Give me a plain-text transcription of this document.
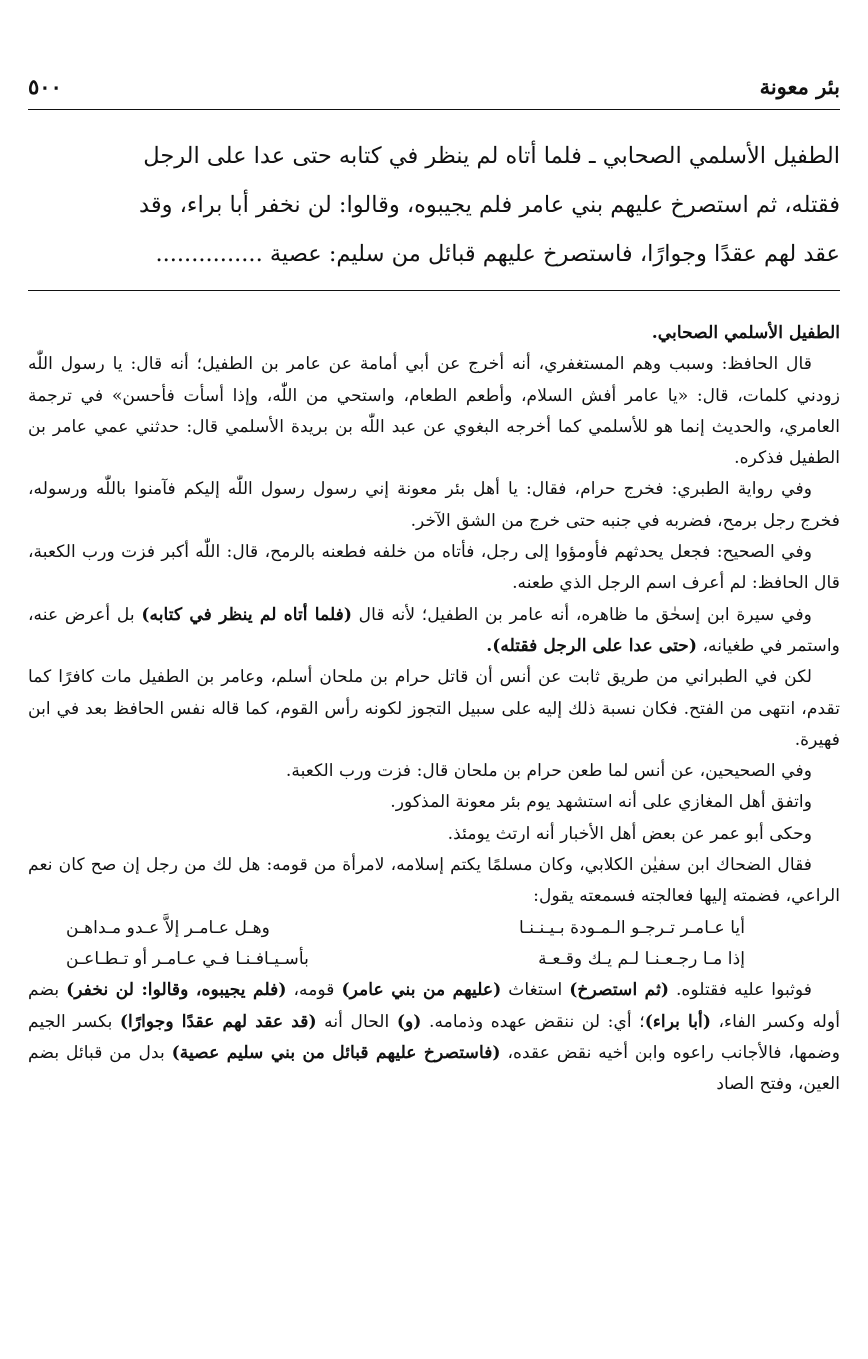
بئر معونة
٥٠٠

الطفيل الأسلمي الصحابي ـ فلما أتاه لم ينظر في كتابه حتى عدا على الرجل

فقتله، ثم استصرخ عليهم بني عامر فلم يجيبوه، وقالوا: لن نخفر أبا براء، وقد

عقد لهم عقدًا وجوارًا، فاستصرخ عليهم قبائل من سليم: عصية ...............

الطفيل الأسلمي الصحابي.

قال الحافظ: وسبب وهم المستغفري، أنه أخرج عن أبي أمامة عن عامر بن الطفيل؛ أنه قال: يا رسول اللّٰه زودني كلمات، قال: «يا عامر أفش السلام، وأطعم الطعام، واستحي من اللّٰه، وإذا أسأت فأحسن» في ترجمة العامري، والحديث إنما هو للأسلمي كما أخرجه البغوي عن عبد اللّٰه بن بريدة الأسلمي قال: حدثني عمي عامر بن الطفيل فذكره.

وفي رواية الطبري: فخرج حرام، فقال: يا أهل بئر معونة إني رسول رسول اللّٰه إليكم فآمنوا باللّٰه ورسوله، فخرج رجل برمح، فضربه في جنبه حتى خرج من الشق الآخر.

وفي الصحيح: فجعل يحدثهم فأومؤوا إلى رجل، فأتاه من خلفه فطعنه بالرمح، قال: اللّٰه أكبر فزت ورب الكعبة، قال الحافظ: لم أعرف اسم الرجل الذي طعنه.

وفي سيرة ابن إسحٰق ما ظاهره، أنه عامر بن الطفيل؛ لأنه قال (فلما أتاه لم ينظر في كتابه) بل أعرض عنه، واستمر في طغيانه، (حتى عدا على الرجل فقتله).

لكن في الطبراني من طريق ثابت عن أنس أن قاتل حرام بن ملحان أسلم، وعامر بن الطفيل مات كافرًا كما تقدم، انتهى من الفتح. فكان نسبة ذلك إليه على سبيل التجوز لكونه رأس القوم، كما قاله نفس الحافظ بعد في ابن فهيرة.

وفي الصحيحين، عن أنس لما طعن حرام بن ملحان قال: فزت ورب الكعبة.

واتفق أهل المغازي على أنه استشهد يوم بئر معونة المذكور.

وحكى أبو عمر عن بعض أهل الأخبار أنه ارتث يومئذ.

فقال الضحاك ابن سفيٰن الكلابي، وكان مسلمًا يكتم إسلامه، لامرأة من قومه: هل لك من رجل إن صح كان نعم الراعي، فضمته إليها فعالجته فسمعته يقول:

أيا عـامـر تـرجـو الـمـودة بـيـنـنـا
وهـل عـامـر إلاَّ عـدو مـداهـن
إذا مـا رجـعـنـا لـم يـك وقـعـة
بأسـيـافـنـا فـي عـامـر أو تـطـاعـن

فوثبوا عليه فقتلوه. (ثم استصرخ) استغاث (عليهم من بني عامر) قومه، (فلم يجيبوه، وقالوا: لن نخفر) بضم أوله وكسر الفاء، (أبا براء)؛ أي: لن ننقض عهده وذمامه. (و) الحال أنه (قد عقد لهم عقدًا وجوارًا) بكسر الجيم وضمها، فالأجانب راعوه وابن أخيه نقض عقده، (فاستصرخ عليهم قبائل من بني سليم عصية) بدل من قبائل بضم العين، وفتح الصاد
